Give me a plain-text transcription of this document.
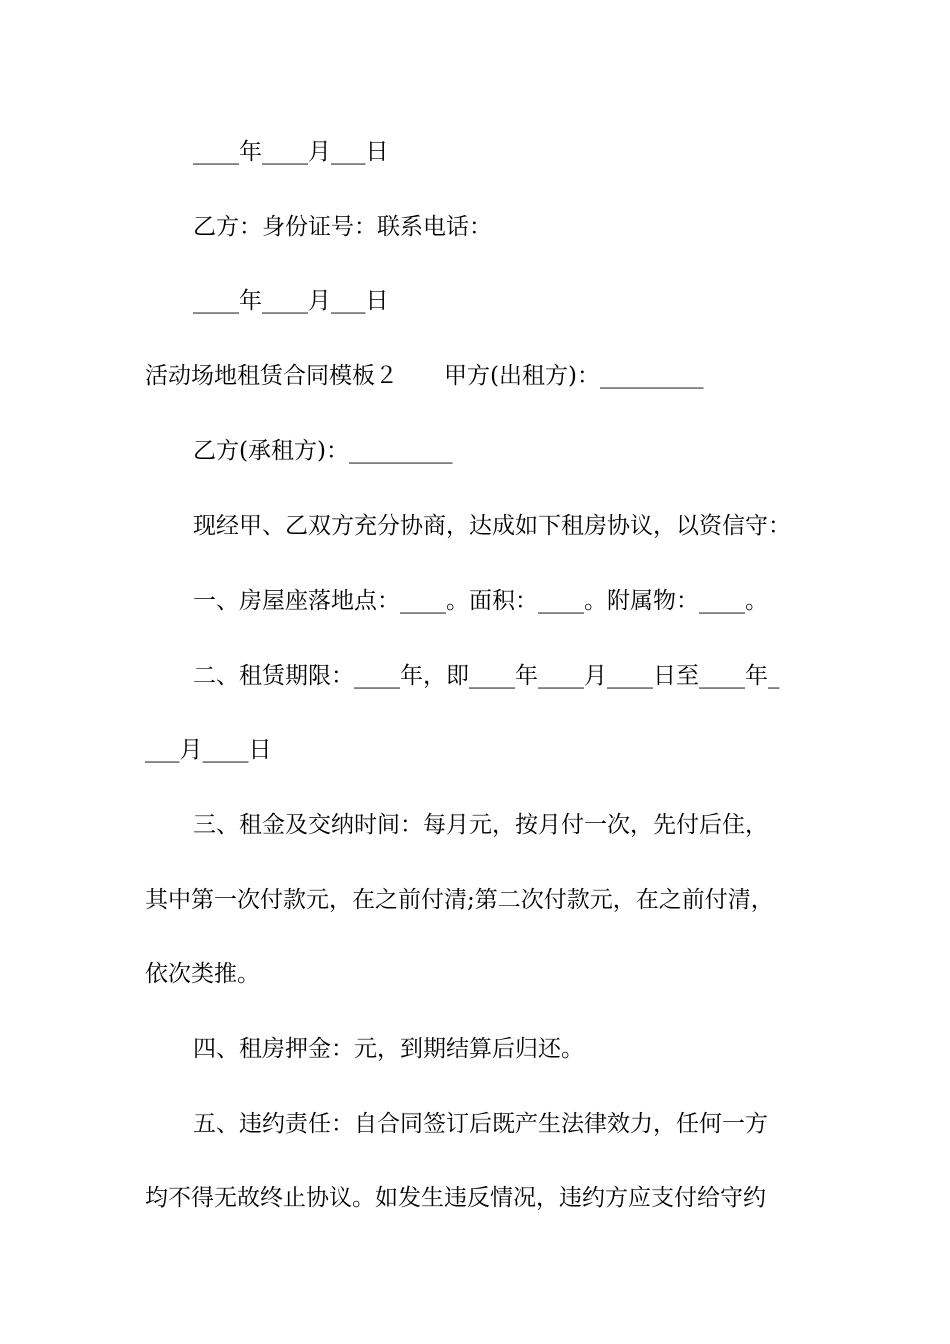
____年____月___日
乙方：身份证号：联系电话：
____年____月___日
活动场地租赁合同模板２　　甲方(出租方)：_________
乙方(承租方)：_________
现经甲、乙双方充分协商，达成如下租房协议，以资信守：
一、房屋座落地点：____。面积：____。附属物：____。
二、租赁期限：____年，即____年____月____日至____年_
___月____日
三、租金及交纳时间：每月元，按月付一次，先付后住，
其中第一次付款元，在之前付清;第二次付款元，在之前付清，
依次类推。
四、租房押金：元，到期结算后归还。
五、违约责任：自合同签订后既产生法律效力，任何一方
均不得无故终止协议。如发生违反情况，违约方应支付给守约
